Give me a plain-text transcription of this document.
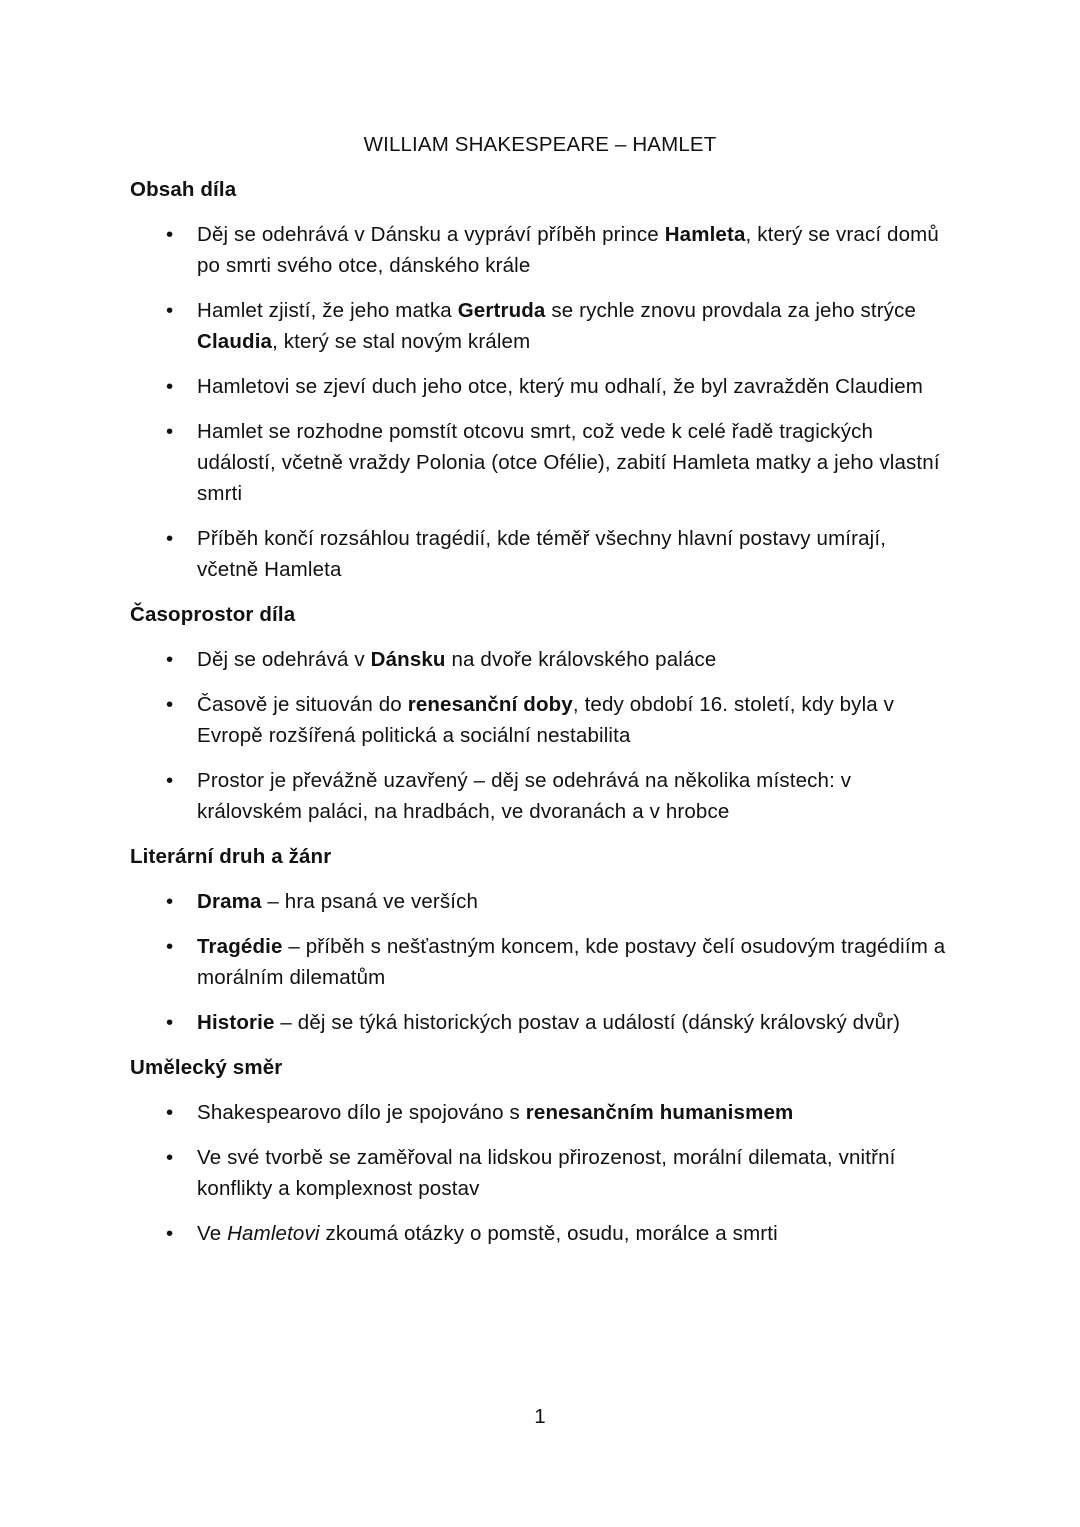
WILLIAM SHAKESPEARE – HAMLET
Obsah díla
•	Děj se odehrává v Dánsku a vypráví příběh prince Hamleta, který se vrací domů po smrti svého otce, dánského krále
•	Hamlet zjistí, že jeho matka Gertruda se rychle znovu provdala za jeho strýce Claudia, který se stal novým králem
•	Hamletovi se zjeví duch jeho otce, který mu odhalí, že byl zavražděn Claudiem
•	Hamlet se rozhodne pomstít otcovu smrt, což vede k celé řadě tragických událostí, včetně vraždy Polonia (otce Ofélie), zabití Hamleta matky a jeho vlastní smrti
•	Příběh končí rozsáhlou tragédií, kde téměř všechny hlavní postavy umírají, včetně Hamleta
Časoprostor díla
•	Děj se odehrává v Dánsku na dvoře královského paláce
•	Časově je situován do renesanční doby, tedy období 16. století, kdy byla v Evropě rozšířená politická a sociální nestabilita
•	Prostor je převážně uzavřený – děj se odehrává na několika místech: v královském paláci, na hradbách, ve dvoranách a v hrobce
Literární druh a žánr
•	Drama – hra psaná ve verších
•	Tragédie – příběh s nešťastným koncem, kde postavy čelí osudovým tragédiím a morálním dilematům
•	Historie – děj se týká historických postav a událostí (dánský královský dvůr)
Umělecký směr
•	Shakespearovo dílo je spojováno s renesančním humanismem
•	Ve své tvorbě se zaměřoval na lidskou přirozenost, morální dilemata, vnitřní konflikty a komplexnost postav
•	Ve Hamletovi zkoumá otázky o pomstě, osudu, morálce a smrti
1
